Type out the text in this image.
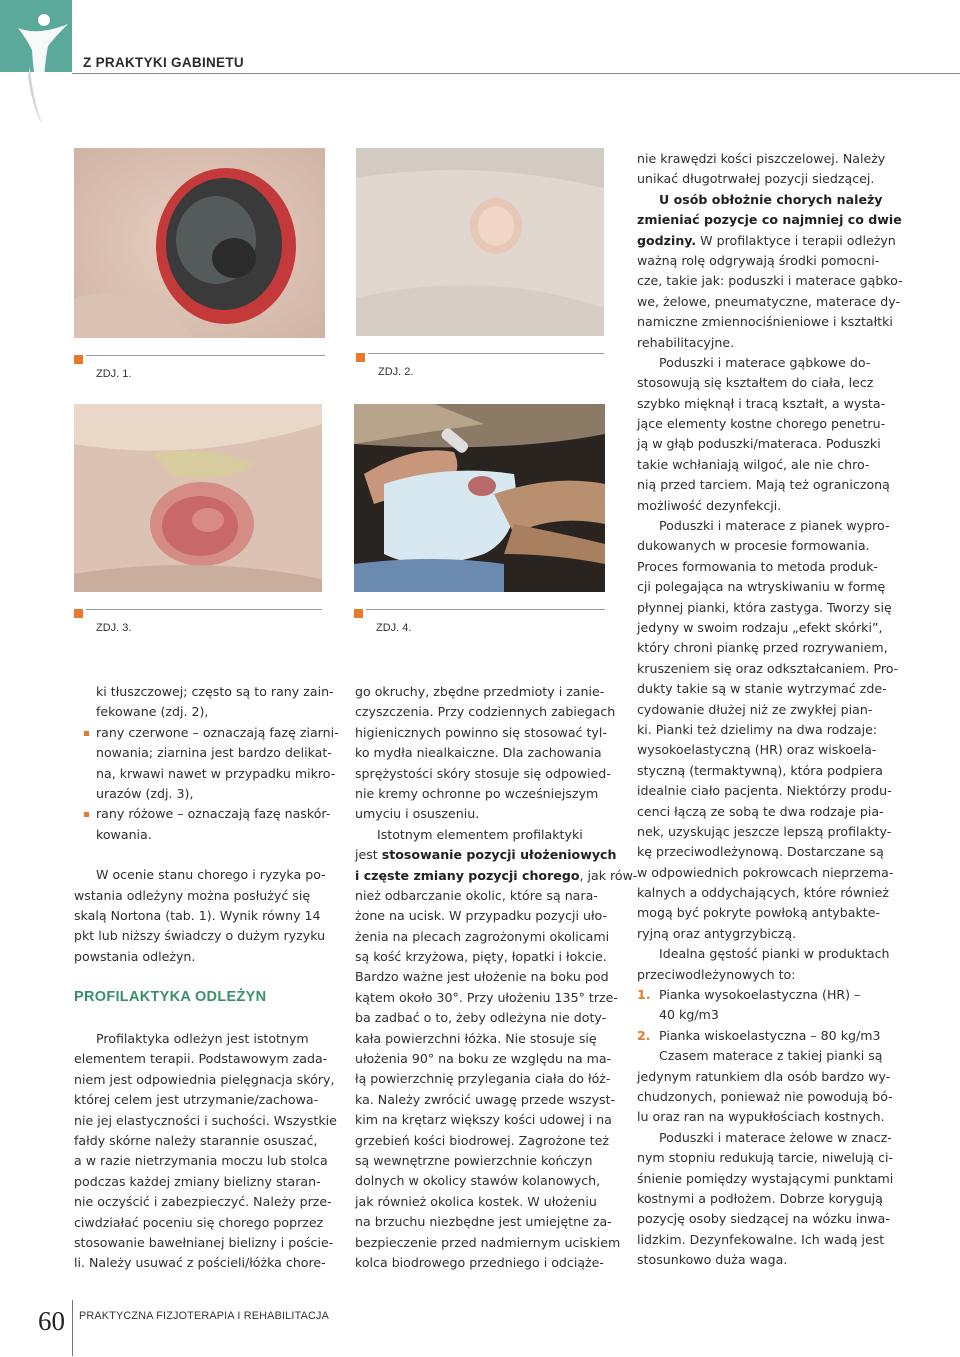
Z PRAKTYKI GABINETU
ZDJ. 1.	ZDJ. 2.
ZDJ. 3.	ZDJ. 4.
ki tłuszczowej; często są to rany zain-
fekowane (zdj. 2),
rany czerwone – oznaczają fazę ziarni-
nowania; ziarnina jest bardzo delikat-
na, krwawi nawet w przypadku mikro-
urazów (zdj. 3),
rany różowe – oznaczają fazę naskór-
kowania.
W ocenie stanu chorego i ryzyka po-
wstania odleżyny można posłużyć się
skalą Nortona (tab. 1). Wynik równy 14
pkt lub niższy świadczy o dużym ryzyku
powstania odleżyn.
PROFILAKTYKA ODLEŻYN
Profilaktyka odleżyn jest istotnym
elementem terapii. Podstawowym zada-
niem jest odpowiednia pielęgnacja skóry,
której celem jest utrzymanie/zachowa-
nie jej elastyczności i suchości. Wszystkie
fałdy skórne należy starannie osuszać,
a w razie nietrzymania moczu lub stolca
podczas każdej zmiany bielizny staran-
nie oczyścić i zabezpieczyć. Należy prze-
ciwdziałać poceniu się chorego poprzez
stosowanie bawełnianej bielizny i poście-
li. Należy usuwać z pościeli/łóżka chore-
go okruchy, zbędne przedmioty i zanie-
czyszczenia. Przy codziennych zabiegach
higienicznych powinno się stosować tyl-
ko mydła niealkaiczne. Dla zachowania
sprężystości skóry stosuje się odpowied-
nie kremy ochronne po wcześniejszym
umyciu i osuszeniu.
Istotnym elementem profilaktyki
jest stosowanie pozycji ułożeniowych
i częste zmiany pozycji chorego, jak rów-
nież odbarczanie okolic, które są nara-
żone na ucisk. W przypadku pozycji uło-
żenia na plecach zagrożonymi okolicami
są kość krzyżowa, pięty, łopatki i łokcie.
Bardzo ważne jest ułożenie na boku pod
kątem około 30°. Przy ułożeniu 135° trze-
ba zadbać o to, żeby odleżyna nie doty-
kała powierzchni łóżka. Nie stosuje się
ułożenia 90° na boku ze względu na ma-
łą powierzchnię przylegania ciała do łóż-
ka. Należy zwrócić uwagę przede wszyst-
kim na krętarz większy kości udowej i na
grzebień kości biodrowej. Zagrożone też
są wewnętrzne powierzchnie kończyn
dolnych w okolicy stawów kolanowych,
jak również okolica kostek. W ułożeniu
na brzuchu niezbędne jest umiejętne za-
bezpieczenie przed nadmiernym uciskiem
kolca biodrowego przedniego i odciąże-
nie krawędzi kości piszczelowej. Należy
unikać długotrwałej pozycji siedzącej.
U osób obłożnie chorych należy
zmieniać pozycje co najmniej co dwie
godziny. W profilaktyce i terapii odleżyn
ważną rolę odgrywają środki pomocni-
cze, takie jak: poduszki i materace gąbko-
we, żelowe, pneumatyczne, materace dy-
namiczne zmiennociśnieniowe i kształtki
rehabilitacyjne.
Poduszki i materace gąbkowe do-
stosowują się kształtem do ciała, lecz
szybko mięknął i tracą kształt, a wysta-
jące elementy kostne chorego penetru-
ją w głąb poduszki/materaca. Poduszki
takie wchłaniają wilgoć, ale nie chro-
nią przed tarciem. Mają też ograniczoną
możliwość dezynfekcji.
Poduszki i materace z pianek wypro-
dukowanych w procesie formowania.
Proces formowania to metoda produk-
cji polegająca na wtryskiwaniu w formę
płynnej pianki, która zastyga. Tworzy się
jedyny w swoim rodzaju „efekt skórki”,
który chroni piankę przed rozrywaniem,
kruszeniem się oraz odkształcaniem. Pro-
dukty takie są w stanie wytrzymać zde-
cydowanie dłużej niż ze zwykłej pian-
ki. Pianki też dzielimy na dwa rodzaje:
wysokoelastyczną (HR) oraz wiskoela-
styczną (termaktywną), która podpiera
idealnie ciało pacjenta. Niektórzy produ-
cenci łączą ze sobą te dwa rodzaje pia-
nek, uzyskując jeszcze lepszą profilakty-
kę przeciwodleżynową. Dostarczane są
w odpowiednich pokrowcach nieprzema-
kalnych a oddychających, które również
mogą być pokryte powłoką antybakte-
ryjną oraz antygrzybiczą.
Idealna gęstość pianki w produktach
przeciwodleżynowych to:
1. Pianka wysokoelastyczna (HR) –
40 kg/m3
2. Pianka wiskoelastyczna – 80 kg/m3
Czasem materace z takiej pianki są
jedynym ratunkiem dla osób bardzo wy-
chudzonych, ponieważ nie powodują bó-
lu oraz ran na wypukłościach kostnych.
Poduszki i materace żelowe w znacz-
nym stopniu redukują tarcie, niwelują ci-
śnienie pomiędzy wystającymi punktami
kostnymi a podłożem. Dobrze korygują
pozycję osoby siedzącej na wózku inwa-
lidzkim. Dezynfekowalne. Ich wadą jest
stosunkowo duża waga.
60 PRAKTYCZNA FIZJOTERAPIA I REHABILITACJA
